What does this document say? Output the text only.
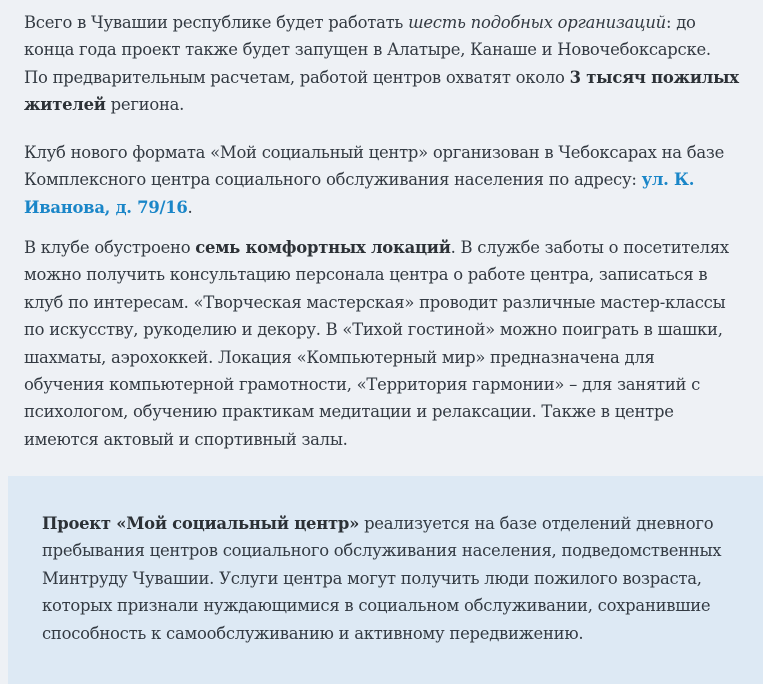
Всего в Чувашии республике будет работать шесть подобных организаций: до конца года проект также будет запущен в Алатыре, Канаше и Новочебоксарске. По предварительным расчетам, работой центров охватят около 3 тысяч пожилых жителей региона.

Клуб нового формата «Мой социальный центр» организован в Чебоксарах на базе Комплексного центра социального обслуживания населения по адресу: ул. К. Иванова, д. 79/16.

В клубе обустроено семь комфортных локаций. В службе заботы о посетителях можно получить консультацию персонала центра о работе центра, записаться в клуб по интересам. «Творческая мастерская» проводит различные мастер-классы по искусству, рукоделию и декору. В «Тихой гостиной» можно поиграть в шашки, шахматы, аэрохоккей. Локация «Компьютерный мир» предназначена для обучения компьютерной грамотности, «Территория гармонии» – для занятий с психологом, обучению практикам медитации и релаксации. Также в центре имеются актовый и спортивный залы.

Проект «Мой социальный центр» реализуется на базе отделений дневного пребывания центров социального обслуживания населения, подведомственных Минтруду Чувашии. Услуги центра могут получить люди пожилого возраста, которых признали нуждающимися в социальном обслуживании, сохранившие способность к самообслуживанию и активному передвижению.
